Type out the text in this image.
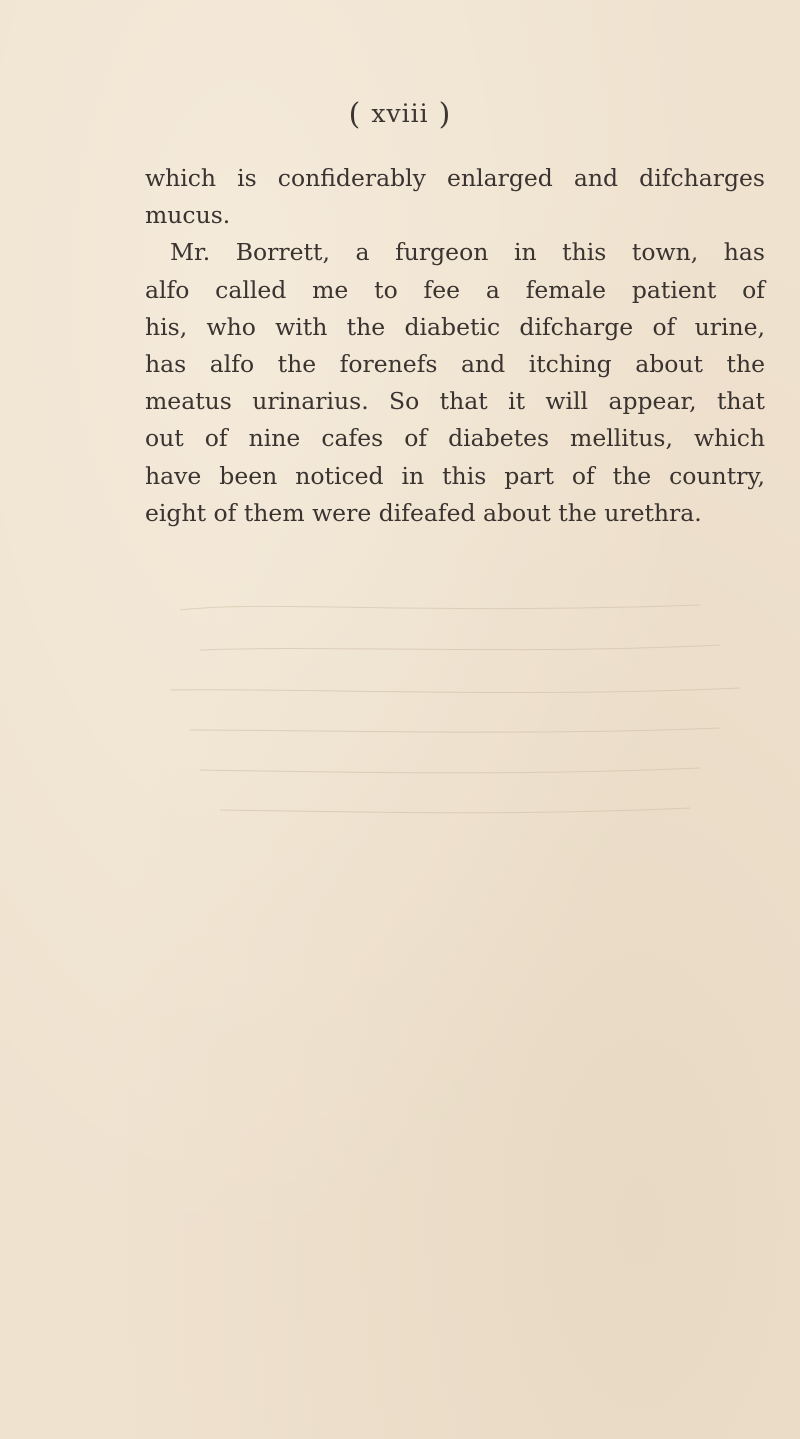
( xviii )
which is confiderably enlarged and difcharges
mucus.
Mr. Borrett, a furgeon in this town, has
alfo called me to fee a female patient of
his, who with the diabetic difcharge of urine,
has alfo the forenefs and itching about the
meatus urinarius. So that it will appear, that
out of nine cafes of diabetes mellitus, which
have been noticed in this part of the country,
eight of them were difeafed about the urethra.
